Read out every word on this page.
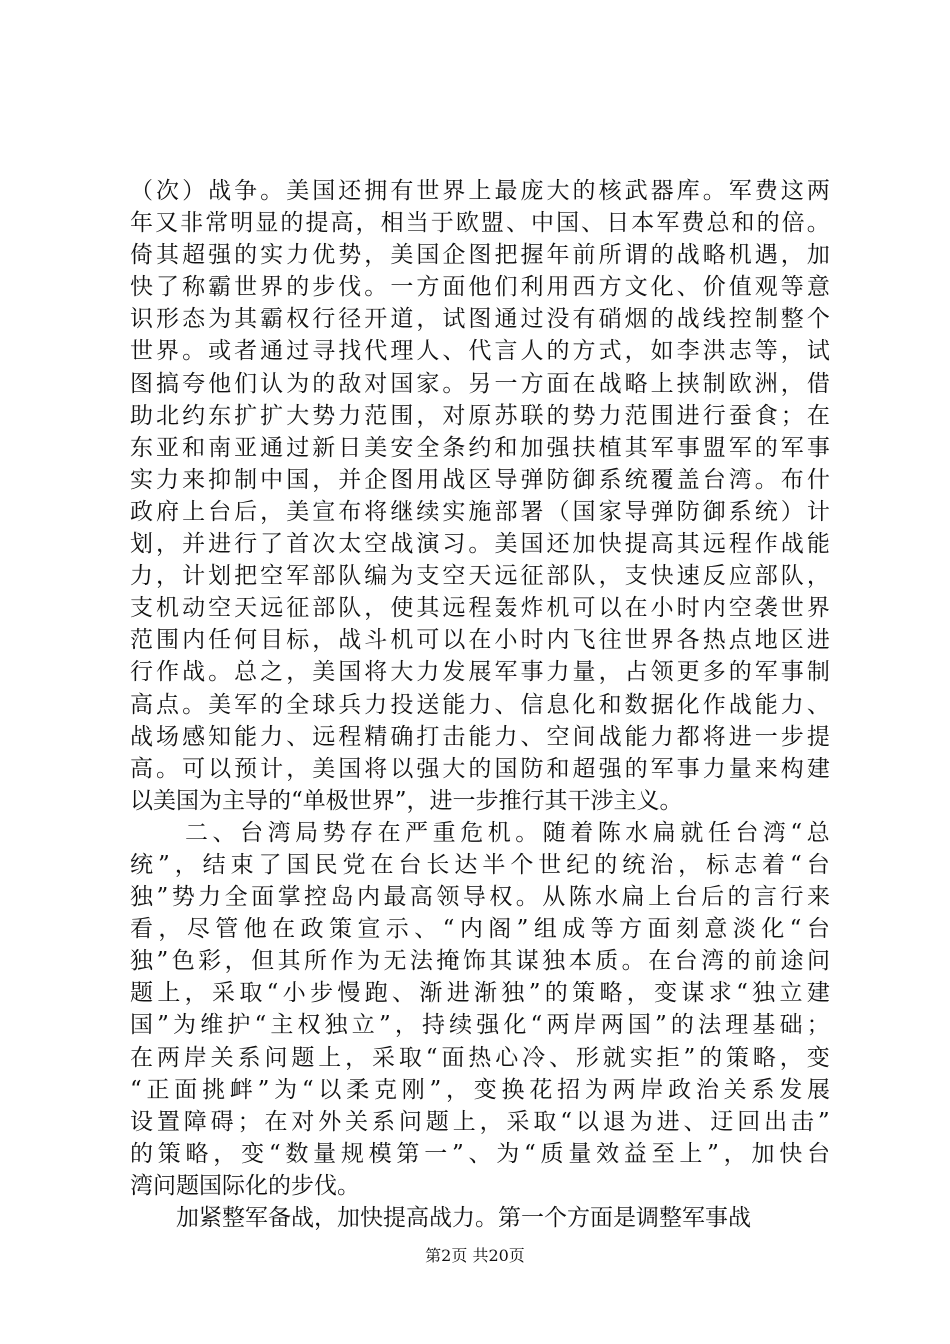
（ 次 ） 战 争 。 美 国 还 拥 有 世 界 上 最 庞 大 的 核 武 器 库 。 军 费 这 两
年 又 非 常 明 显 的 提 高 ， 相 当 于 欧 盟 、 中 国 、 日 本 军 费 总 和 的 倍 。
倚 其 超 强 的 实 力 优 势 ， 美 国 企 图 把 握 年 前 所 谓 的 战 略 机 遇 ， 加
快 了 称 霸 世 界 的 步 伐 。 一 方 面 他 们 利 用 西 方 文 化 、 价 值 观 等 意
识 形 态 为 其 霸 权 行 径 开 道 ， 试 图 通 过 没 有 硝 烟 的 战 线 控 制 整 个
世 界 。 或 者 通 过 寻 找 代 理 人 、 代 言 人 的 方 式 ， 如 李 洪 志 等 ， 试
图 搞 夸 他 们 认 为 的 敌 对 国 家 。 另 一 方 面 在 战 略 上 挟 制 欧 洲 ， 借
助 北 约 东 扩 扩 大 势 力 范 围 ， 对 原 苏 联 的 势 力 范 围 进 行 蚕 食 ； 在
东 亚 和 南 亚 通 过 新 日 美 安 全 条 约 和 加 强 扶 植 其 军 事 盟 军 的 军 事
实 力 来 抑 制 中 国 ， 并 企 图 用 战 区 导 弹 防 御 系 统 覆 盖 台 湾 。 布 什
政 府 上 台 后 ， 美 宣 布 将 继 续 实 施 部 署 （ 国 家 导 弹 防 御 系 统 ） 计
划 ， 并 进 行 了 首 次 太 空 战 演 习 。 美 国 还 加 快 提 高 其 远 程 作 战 能
力 ， 计 划 把 空 军 部 队 编 为 支 空 天 远 征 部 队 ， 支 快 速 反 应 部 队 ，
支 机 动 空 天 远 征 部 队 ， 使 其 远 程 轰 炸 机 可 以 在 小 时 内 空 袭 世 界
范 围 内 任 何 目 标 ， 战 斗 机 可 以 在 小 时 内 飞 往 世 界 各 热 点 地 区 进
行 作 战 。 总 之 ， 美 国 将 大 力 发 展 军 事 力 量 ， 占 领 更 多 的 军 事 制
高 点 。 美 军 的 全 球 兵 力 投 送 能 力 、 信 息 化 和 数 据 化 作 战 能 力 、
战 场 感 知 能 力 、 远 程 精 确 打 击 能 力 、 空 间 战 能 力 都 将 进 一 步 提
高 。 可 以 预 计 ， 美 国 将 以 强 大 的 国 防 和 超 强 的 军 事 力 量 来 构 建
以美国为主导的“单极世界”，进一步推行其干涉主义。

二 、 台 湾 局 势 存 在 严 重 危 机 。 随 着 陈 水 扁 就 任 台 湾 “ 总
统 ” ， 结 束 了 国 民 党 在 台 长 达 半 个 世 纪 的 统 治 ， 标 志 着 “ 台
独 ” 势 力 全 面 掌 控 岛 内 最 高 领 导 权 。 从 陈 水 扁 上 台 后 的 言 行 来
看 ， 尽 管 他 在 政 策 宣 示 、 “ 内 阁 ” 组 成 等 方 面 刻 意 淡 化 “ 台
独 ” 色 彩 ， 但 其 所 作 为 无 法 掩 饰 其 谋 独 本 质 。 在 台 湾 的 前 途 问
题 上 ， 采 取 “ 小 步 慢 跑 、 渐 进 渐 独 ” 的 策 略 ， 变 谋 求 “ 独 立 建
国 ” 为 维 护 “ 主 权 独 立 ” ， 持 续 强 化 “ 两 岸 两 国 ” 的 法 理 基 础 ；
在 两 岸 关 系 问 题 上 ， 采 取 “ 面 热 心 冷 、 形 就 实 拒 ” 的 策 略 ， 变
“ 正 面 挑 衅 ” 为 “ 以 柔 克 刚 ” ， 变 换 花 招 为 两 岸 政 治 关 系 发 展
设 置 障 碍 ； 在 对 外 关 系 问 题 上 ， 采 取 “ 以 退 为 进 、 迂 回 出 击 ”
的 策 略 ， 变 “ 数 量 规 模 第 一 ” 、 为 “ 质 量 效 益 至 上 ” ， 加 快 台
湾问题国际化的步伐。
　　加紧整军备战，加快提高战力。第一个方面是调整军事战
第2页 共20页
